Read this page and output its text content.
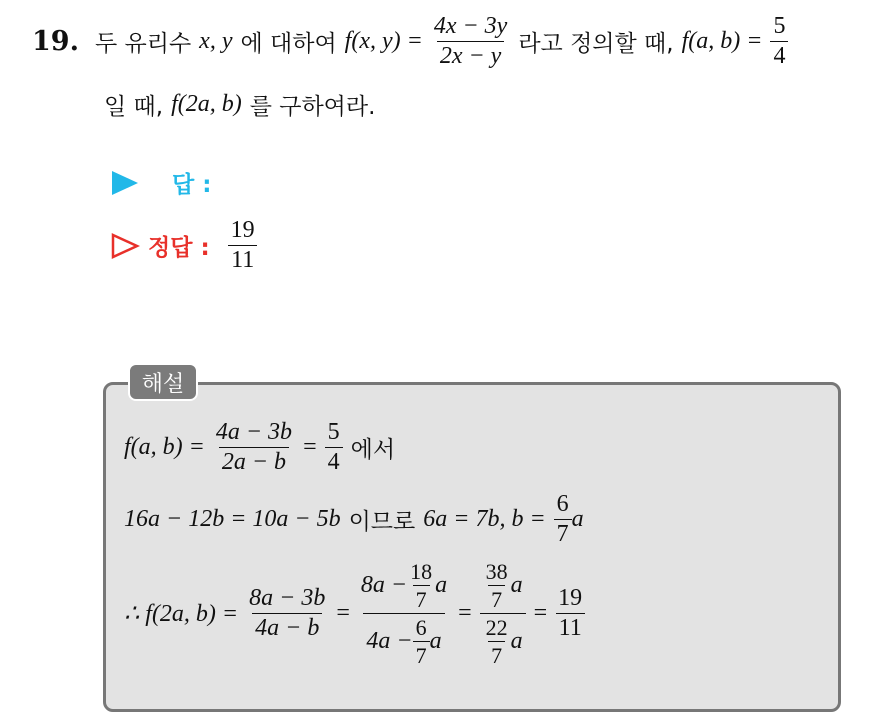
19. 두 유리수 x, y 에 대하여 f(x, $y) = \frac{4x - 3y}{2x - y}$ 라고 정의할 때, f(a, $b) = \frac{5}{4}$
일 때, f(2a, b) 를 구하여라.
답 :
정답 : $\frac{19}{11}$
해설
f(a, $b) = \frac{4a - 3b}{2a - b} = \frac{5}{4}$ 에서
16a − 12b = 10a − 5b 이므로 6a = 7b, $b = \frac{6}{7}$ a
∴ f(2a, $b) = \frac{8a - 3b}{4a - b} = \frac{8a - \frac{18}{7} a}{4a - \frac{6}{7} a} = \frac{\frac{38}{7} a}{\frac{22}{7} a} = \frac{19}{11}$
